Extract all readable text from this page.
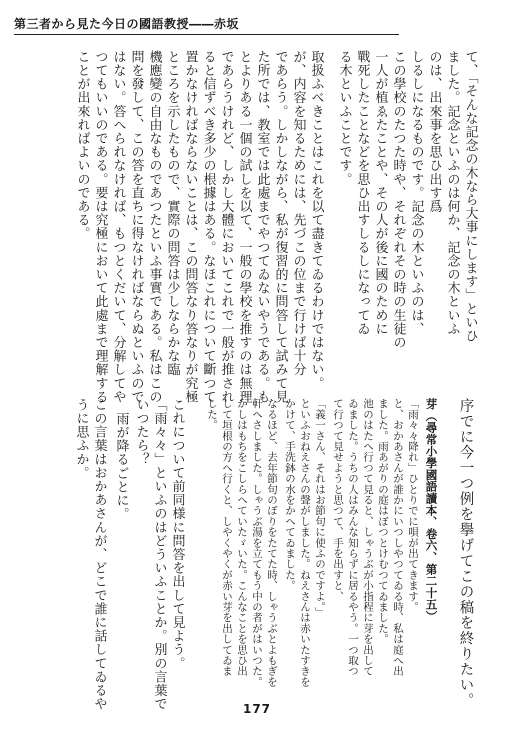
第三者から見た今日の國語教授――赤坂
て、「そんな記念の木なら大事にします」といひ
ました。記念といふのは何か、記念の木といふ
のは、出來事を思ひ出す爲
しるしになるものです。記念の木といふのは、
この學校のたつた時や、それぞれその時の生徒の
一人が植ゑたことや、その人が後に國のために
戰死したことなどを思ひ出すしるしになってゐ
る木といふことです。
取扱ふべきことはこれを以て盡きてゐるわけではない。
が、内容を知るためには、先づこの位まで行けば十分
であらう。しかしながら、私が復習的に問答して試みて見
た所では、教室では此處までやつてゐないやうである。も
とよりある一個の試しを以て、一般の學校を推すのは無理
であらうけれど、しかし大體においてこれで一般が推され
ると信ずべき多少の根據はある。なほこれについて斷つて
置かなければならないことは、この問答なり答なりが究極
ところを示したもので、實際の問答は少しならかな臨
機應變の自由なものであつたといふ事實である。私はこの
問を發して、この答を直ちに得なければならぬといふので
はない。答へられなければ、もつとくだいて、分解してや
つてもいいのである。要は究極において此處まで理解する
ことが出來ればよいのである。
序でに今一つ例を擧げてこの稿を終りたい。
芽（尋常小學國語讀本、卷六、第二十五）
「雨々々降れ」ひとりでに唄が出てきます。
と、おかあさんが誰かにいつしやつてゐる時、私は庭へ出
ました。雨あがりの庭はぼつとけむつてゐました。
池のはたへ行つて見ると、しゃうぶが小指程に芽を出して
ゐました。うちの人はみんな知らずに居るやう。一つ取つ
て行つて見せようと思つて、手を出すと、
「義一さん、それはお節句に使ふのですよ。」
といふおねえさんの聲がしました。ねえさんは赤いたすきを
かけて、手洗鉢の水をかへてゐました。
なるほど、去年節句のぼりをたてた時、しゃうぶとよもぎを
軒へさしました。しゃうぶ湯を立てもう中の者がはいつた。
かしはもちをこしらへていたゞいた。こんなことを思ひ出
して垣根の方へ行くと、しやくやくが赤い芽を出してゐま
した。
これについて前同様に問答を出して見よう。
「雨々々」といふのはどういふことか。別の言葉で
いつたら？
雨が降るごとに。
この言葉はおかあさんが、どこで誰に話してゐるや
うに思ふか。
177
